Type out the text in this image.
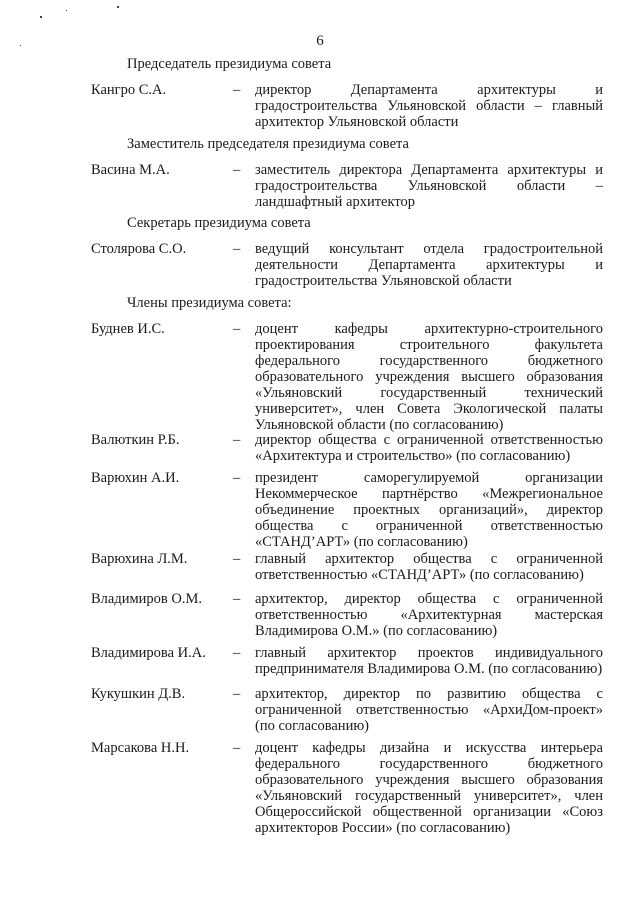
6
Председатель президиума совета
Кангро С.А.	– директор Департамента архитектуры и градостроительства Ульяновской области – главный архитектор Ульяновской области
Заместитель председателя президиума совета
Васина М.А.	– заместитель директора Департамента архитектуры и градостроительства Ульяновской области – ландшафтный архитектор
Секретарь президиума совета
Столярова С.О.	– ведущий консультант отдела градостроительной деятельности Департамента архитектуры и градостроительства Ульяновской области
Члены президиума совета:
Буднев И.С.	– доцент кафедры архитектурно-строительного проектирования строительного факультета федерального государственного бюджетного образовательного учреждения высшего образования «Ульяновский государственный технический университет», член Совета Экологической палаты Ульяновской области (по согласованию)
Валюткин Р.Б.	– директор общества с ограниченной ответственностью «Архитектура и строительство» (по согласованию)
Варюхин А.И.	– президент саморегулируемой организации Некоммерческое партнёрство «Межрегиональное объединение проектных организаций», директор общества с ограниченной ответственностью «СТАНД’АРТ» (по согласованию)
Варюхина Л.М.	– главный архитектор общества с ограниченной ответственностью «СТАНД’АРТ» (по согласованию)
Владимиров О.М. – архитектор, директор общества с ограниченной ответственностью «Архитектурная мастерская Владимирова О.М.» (по согласованию)
Владимирова И.А. – главный архитектор проектов индивидуального предпринимателя Владимирова О.М. (по согласованию)
Кукушкин Д.В.	– архитектор, директор по развитию общества с ограниченной ответственностью «АрхиДом-проект» (по согласованию)
Марсакова Н.Н.	– доцент кафедры дизайна и искусства интерьера федерального государственного бюджетного образовательного учреждения высшего образования «Ульяновский государственный университет», член Общероссийской общественной организации «Союз архитекторов России» (по согласованию)
